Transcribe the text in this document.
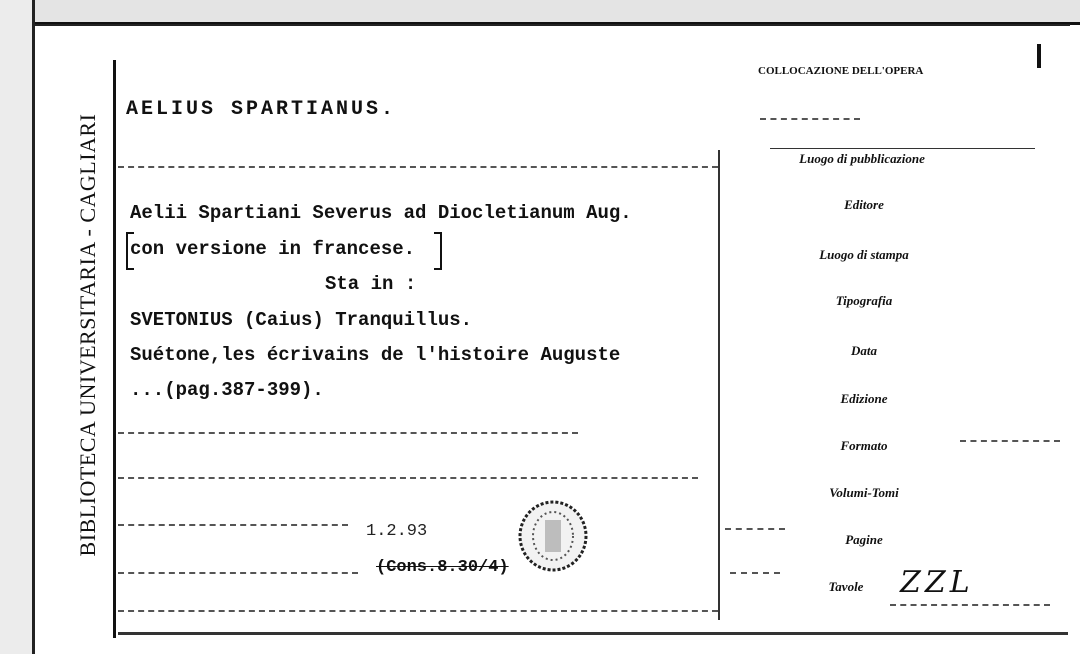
BIBLIOTECA UNIVERSITARIA - CAGLIARI
AELIUS SPARTIANUS.
Aelii Spartiani Severus ad Diocletianum Aug.
con versione in francese.
Sta in :
SVETONIUS (Caius) Tranquillus.
Suétone,les écrivains de l'histoire Auguste
...(pag.387-399).
1.2.93
(Cons.8.30/4)
COLLOCAZIONE DELL'OPERA
Luogo di pubblicazione
Editore
Luogo di stampa
Tipografia
Data
Edizione
Formato
Volumi-Tomi
Pagine
Tavole	ZZL
